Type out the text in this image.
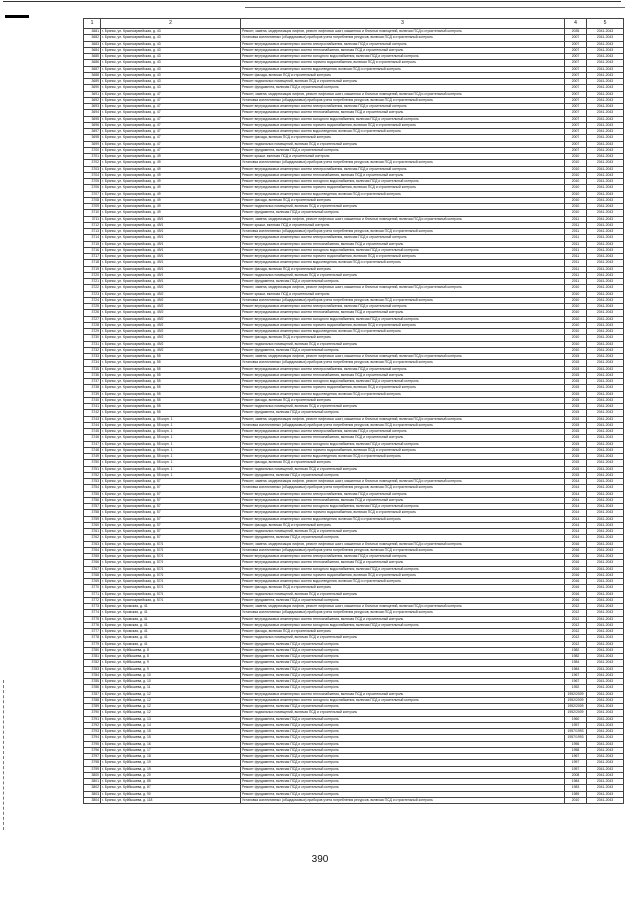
1	2	3	4	5
3681	г. Брянск, ул. Красноармейская, д. 43	Ремонт, замена, модернизация лифтов, ремонт лифтовых шахт, машинных и блочных помещений, включая ПСД и строительный контроль	2035	2041-2043
3682	г. Брянск, ул. Красноармейская, д. 43	Установка коллективных (общедомовых) приборов учета потребления ресурсов, включая ПСД и строительный контроль	2007	2041-2043
3683	г. Брянск, ул. Красноармейская, д. 43	Ремонт внутридомовых инженерных систем электроснабжения, включая ПСД и строительный контроль	2007	2041-2043
3684	г. Брянск, ул. Красноармейская, д. 43	Ремонт внутридомовых инженерных систем теплоснабжения, включая ПСД и строительный контроль	2007	2041-2043
3685	г. Брянск, ул. Красноармейская, д. 43	Ремонт внутридомовых инженерных систем холодного водоснабжения, включая ПСД и строительный контроль	2007	2041-2043
3686	г. Брянск, ул. Красноармейская, д. 43	Ремонт внутридомовых инженерных систем горячего водоснабжения, включая ПСД и строительный контроль	2007	2041-2043
3687	г. Брянск, ул. Красноармейская, д. 43	Ремонт внутридомовых инженерных систем водоотведения, включая ПСД и строительный контроль	2007	2041-2043
3688	г. Брянск, ул. Красноармейская, д. 43	Ремонт фасада, включая ПСД и строительный контроль	2007	2041-2043
3689	г. Брянск, ул. Красноармейская, д. 43	Ремонт подвальных помещений, включая ПСД и строительный контроль	2007	2041-2043
3690	г. Брянск, ул. Красноармейская, д. 43	Ремонт фундамента, включая ПСД и строительный контроль	2007	2041-2043
3691	г. Брянск, ул. Красноармейская, д. 47	Ремонт, замена, модернизация лифтов, ремонт лифтовых шахт, машинных и блочных помещений, включая ПСД и строительный контроль	2007	2041-2043
3692	г. Брянск, ул. Красноармейская, д. 47	Установка коллективных (общедомовых) приборов учета потребления ресурсов, включая ПСД и строительный контроль	2007	2041-2043
3693	г. Брянск, ул. Красноармейская, д. 47	Ремонт внутридомовых инженерных систем электроснабжения, включая ПСД и строительный контроль	2007	2041-2043
3694	г. Брянск, ул. Красноармейская, д. 47	Ремонт внутридомовых инженерных систем теплоснабжения, включая ПСД и строительный контроль	2007	2041-2043
3695	г. Брянск, ул. Красноармейская, д. 47	Ремонт внутридомовых инженерных систем холодного водоснабжения, включая ПСД и строительный контроль	2007	2041-2043
3696	г. Брянск, ул. Красноармейская, д. 47	Ремонт внутридомовых инженерных систем горячего водоснабжения, включая ПСД и строительный контроль	2007	2041-2043
3697	г. Брянск, ул. Красноармейская, д. 47	Ремонт внутридомовых инженерных систем водоотведения, включая ПСД и строительный контроль	2007	2041-2043
3698	г. Брянск, ул. Красноармейская, д. 47	Ремонт фасада, включая ПСД и строительный контроль	2007	2041-2043
3699	г. Брянск, ул. Красноармейская, д. 47	Ремонт подвальных помещений, включая ПСД и строительный контроль	2007	2041-2043
3700	г. Брянск, ул. Красноармейская, д. 47	Ремонт фундамента, включая ПСД и строительный контроль	2007	2041-2043
3701	г. Брянск, ул. Красноармейская, д. 49	Ремонт крыши, включая ПСД и строительный контроль	2010	2041-2043
3702	г. Брянск, ул. Красноармейская, д. 49	Установка коллективных (общедомовых) приборов учета потребления ресурсов, включая ПСД и строительный контроль	2010	2041-2043
3703	г. Брянск, ул. Красноармейская, д. 49	Ремонт внутридомовых инженерных систем электроснабжения, включая ПСД и строительный контроль	2010	2041-2043
3704	г. Брянск, ул. Красноармейская, д. 49	Ремонт внутридомовых инженерных систем теплоснабжения, включая ПСД и строительный контроль	2010	2041-2043
3705	г. Брянск, ул. Красноармейская, д. 49	Ремонт внутридомовых инженерных систем холодного водоснабжения, включая ПСД и строительный контроль	2010	2041-2043
3706	г. Брянск, ул. Красноармейская, д. 49	Ремонт внутридомовых инженерных систем горячего водоснабжения, включая ПСД и строительный контроль	2010	2041-2043
3707	г. Брянск, ул. Красноармейская, д. 49	Ремонт внутридомовых инженерных систем водоотведения, включая ПСД и строительный контроль	2010	2041-2043
3708	г. Брянск, ул. Красноармейская, д. 49	Ремонт фасада, включая ПСД и строительный контроль	2010	2041-2043
3709	г. Брянск, ул. Красноармейская, д. 49	Ремонт подвальных помещений, включая ПСД и строительный контроль	2010	2041-2043
3710	г. Брянск, ул. Красноармейская, д. 49	Ремонт фундамента, включая ПСД и строительный контроль	2010	2041-2043
3711	г. Брянск, ул. Красноармейская, д. 49/1	Ремонт, замена, модернизация лифтов, ремонт лифтовых шахт, машинных и блочных помещений, включая ПСД и строительный контроль	2011	2041-2043
3712	г. Брянск, ул. Красноармейская, д. 49/1	Ремонт крыши, включая ПСД и строительный контроль	2011	2041-2043
3713	г. Брянск, ул. Красноармейская, д. 49/1	Установка коллективных (общедомовых) приборов учета потребления ресурсов, включая ПСД и строительный контроль	2011	2041-2043
3714	г. Брянск, ул. Красноармейская, д. 49/1	Ремонт внутридомовых инженерных систем электроснабжения, включая ПСД и строительный контроль	2011	2041-2043
3715	г. Брянск, ул. Красноармейская, д. 49/1	Ремонт внутридомовых инженерных систем теплоснабжения, включая ПСД и строительный контроль	2011	2041-2043
3716	г. Брянск, ул. Красноармейская, д. 49/1	Ремонт внутридомовых инженерных систем холодного водоснабжения, включая ПСД и строительный контроль	2011	2041-2043
3717	г. Брянск, ул. Красноармейская, д. 49/1	Ремонт внутридомовых инженерных систем горячего водоснабжения, включая ПСД и строительный контроль	2011	2041-2043
3718	г. Брянск, ул. Красноармейская, д. 49/1	Ремонт внутридомовых инженерных систем водоотведения, включая ПСД и строительный контроль	2011	2041-2043
3719	г. Брянск, ул. Красноармейская, д. 49/1	Ремонт фасада, включая ПСД и строительный контроль	2011	2041-2043
3720	г. Брянск, ул. Красноармейская, д. 49/1	Ремонт подвальных помещений, включая ПСД и строительный контроль	2011	2041-2043
3721	г. Брянск, ул. Красноармейская, д. 49/1	Ремонт фундамента, включая ПСД и строительный контроль	2011	2041-2043
3722	г. Брянск, ул. Красноармейская, д. 49/2	Ремонт, замена, модернизация лифтов, ремонт лифтовых шахт, машинных и блочных помещений, включая ПСД и строительный контроль	2010	2041-2043
3723	г. Брянск, ул. Красноармейская, д. 49/2	Ремонт крыши, включая ПСД и строительный контроль	2010	2041-2043
3724	г. Брянск, ул. Красноармейская, д. 49/2	Установка коллективных (общедомовых) приборов учета потребления ресурсов, включая ПСД и строительный контроль	2010	2041-2043
3725	г. Брянск, ул. Красноармейская, д. 49/2	Ремонт внутридомовых инженерных систем электроснабжения, включая ПСД и строительный контроль	2010	2041-2043
3726	г. Брянск, ул. Красноармейская, д. 49/2	Ремонт внутридомовых инженерных систем теплоснабжения, включая ПСД и строительный контроль	2010	2041-2043
3727	г. Брянск, ул. Красноармейская, д. 49/2	Ремонт внутридомовых инженерных систем холодного водоснабжения, включая ПСД и строительный контроль	2010	2041-2043
3728	г. Брянск, ул. Красноармейская, д. 49/2	Ремонт внутридомовых инженерных систем горячего водоснабжения, включая ПСД и строительный контроль	2010	2041-2043
3729	г. Брянск, ул. Красноармейская, д. 49/2	Ремонт внутридомовых инженерных систем водоотведения, включая ПСД и строительный контроль	2010	2041-2043
3730	г. Брянск, ул. Красноармейская, д. 49/2	Ремонт фасада, включая ПСД и строительный контроль	2010	2041-2043
3731	г. Брянск, ул. Красноармейская, д. 49/2	Ремонт подвальных помещений, включая ПСД и строительный контроль	2010	2041-2043
3732	г. Брянск, ул. Красноармейская, д. 49/2	Ремонт фундамента, включая ПСД и строительный контроль	2010	2041-2043
3733	г. Брянск, ул. Красноармейская, д. 55	Ремонт, замена, модернизация лифтов, ремонт лифтовых шахт, машинных и блочных помещений, включая ПСД и строительный контроль	2015	2041-2043
3734	г. Брянск, ул. Красноармейская, д. 55	Установка коллективных (общедомовых) приборов учета потребления ресурсов, включая ПСД и строительный контроль	2015	2041-2043
3735	г. Брянск, ул. Красноармейская, д. 55	Ремонт внутридомовых инженерных систем электроснабжения, включая ПСД и строительный контроль	2015	2041-2043
3736	г. Брянск, ул. Красноармейская, д. 55	Ремонт внутридомовых инженерных систем теплоснабжения, включая ПСД и строительный контроль	2015	2041-2043
3737	г. Брянск, ул. Красноармейская, д. 55	Ремонт внутридомовых инженерных систем холодного водоснабжения, включая ПСД и строительный контроль	2015	2041-2043
3738	г. Брянск, ул. Красноармейская, д. 55	Ремонт внутридомовых инженерных систем горячего водоснабжения, включая ПСД и строительный контроль	2015	2041-2043
3739	г. Брянск, ул. Красноармейская, д. 55	Ремонт внутридомовых инженерных систем водоотведения, включая ПСД и строительный контроль	2015	2041-2043
3740	г. Брянск, ул. Красноармейская, д. 55	Ремонт фасада, включая ПСД и строительный контроль	2015	2041-2043
3741	г. Брянск, ул. Красноармейская, д. 55	Ремонт подвальных помещений, включая ПСД и строительный контроль	2015	2041-2043
3742	г. Брянск, ул. Красноармейская, д. 55	Ремонт фундамента, включая ПСД и строительный контроль	2015	2041-2043
3743	г. Брянск, ул. Красноармейская, д. 55 корп. 1	Ремонт, замена, модернизация лифтов, ремонт лифтовых шахт, машинных и блочных помещений, включая ПСД и строительный контроль	2015	2041-2043
3744	г. Брянск, ул. Красноармейская, д. 55 корп. 1	Установка коллективных (общедомовых) приборов учета потребления ресурсов, включая ПСД и строительный контроль	2015	2041-2043
3745	г. Брянск, ул. Красноармейская, д. 55 корп. 1	Ремонт внутридомовых инженерных систем электроснабжения, включая ПСД и строительный контроль	2015	2041-2043
3746	г. Брянск, ул. Красноармейская, д. 55 корп. 1	Ремонт внутридомовых инженерных систем теплоснабжения, включая ПСД и строительный контроль	2015	2041-2043
3747	г. Брянск, ул. Красноармейская, д. 55 корп. 1	Ремонт внутридомовых инженерных систем холодного водоснабжения, включая ПСД и строительный контроль	2015	2041-2043
3748	г. Брянск, ул. Красноармейская, д. 55 корп. 1	Ремонт внутридомовых инженерных систем горячего водоснабжения, включая ПСД и строительный контроль	2015	2041-2043
3749	г. Брянск, ул. Красноармейская, д. 55 корп. 1	Ремонт внутридомовых инженерных систем водоотведения, включая ПСД и строительный контроль	2015	2041-2043
3750	г. Брянск, ул. Красноармейская, д. 55 корп. 1	Ремонт фасада, включая ПСД и строительный контроль	2015	2041-2043
3751	г. Брянск, ул. Красноармейская, д. 55 корп. 1	Ремонт подвальных помещений, включая ПСД и строительный контроль	2015	2041-2043
3752	г. Брянск, ул. Красноармейская, д. 55 корп. 1	Ремонт фундамента, включая ПСД и строительный контроль	2015	2041-2043
3753	г. Брянск, ул. Красноармейская, д. 57	Ремонт, замена, модернизация лифтов, ремонт лифтовых шахт, машинных и блочных помещений, включая ПСД и строительный контроль	2014	2041-2043
3754	г. Брянск, ул. Красноармейская, д. 57	Установка коллективных (общедомовых) приборов учета потребления ресурсов, включая ПСД и строительный контроль	2014	2041-2043
3755	г. Брянск, ул. Красноармейская, д. 57	Ремонт внутридомовых инженерных систем электроснабжения, включая ПСД и строительный контроль	2014	2041-2043
3756	г. Брянск, ул. Красноармейская, д. 57	Ремонт внутридомовых инженерных систем теплоснабжения, включая ПСД и строительный контроль	2014	2041-2043
3757	г. Брянск, ул. Красноармейская, д. 57	Ремонт внутридомовых инженерных систем холодного водоснабжения, включая ПСД и строительный контроль	2014	2041-2043
3758	г. Брянск, ул. Красноармейская, д. 57	Ремонт внутридомовых инженерных систем горячего водоснабжения, включая ПСД и строительный контроль	2014	2041-2043
3759	г. Брянск, ул. Красноармейская, д. 57	Ремонт внутридомовых инженерных систем водоотведения, включая ПСД и строительный контроль	2014	2041-2043
3760	г. Брянск, ул. Красноармейская, д. 57	Ремонт фасада, включая ПСД и строительный контроль	2014	2041-2043
3761	г. Брянск, ул. Красноармейская, д. 57	Ремонт подвальных помещений, включая ПСД и строительный контроль	2014	2041-2043
3762	г. Брянск, ул. Красноармейская, д. 57	Ремонт фундамента, включая ПСД и строительный контроль	2014	2041-2043
3763	г. Брянск, ул. Красноармейская, д. 57/1	Ремонт, замена, модернизация лифтов, ремонт лифтовых шахт, машинных и блочных помещений, включая ПСД и строительный контроль	2016	2041-2043
3764	г. Брянск, ул. Красноармейская, д. 57/1	Установка коллективных (общедомовых) приборов учета потребления ресурсов, включая ПСД и строительный контроль	2016	2041-2043
3765	г. Брянск, ул. Красноармейская, д. 57/1	Ремонт внутридомовых инженерных систем электроснабжения, включая ПСД и строительный контроль	2016	2041-2043
3766	г. Брянск, ул. Красноармейская, д. 57/1	Ремонт внутридомовых инженерных систем теплоснабжения, включая ПСД и строительный контроль	2016	2041-2043
3767	г. Брянск, ул. Красноармейская, д. 57/1	Ремонт внутридомовых инженерных систем холодного водоснабжения, включая ПСД и строительный контроль	2016	2041-2043
3768	г. Брянск, ул. Красноармейская, д. 57/1	Ремонт внутридомовых инженерных систем горячего водоснабжения, включая ПСД и строительный контроль	2016	2041-2043
3769	г. Брянск, ул. Красноармейская, д. 57/1	Ремонт внутридомовых инженерных систем водоотведения, включая ПСД и строительный контроль	2016	2041-2043
3770	г. Брянск, ул. Красноармейская, д. 57/1	Ремонт фасада, включая ПСД и строительный контроль	2016	2041-2043
3771	г. Брянск, ул. Красноармейская, д. 57/1	Ремонт подвальных помещений, включая ПСД и строительный контроль	2016	2041-2043
3772	г. Брянск, ул. Красноармейская, д. 57/1	Ремонт фундамента, включая ПСД и строительный контроль	2016	2041-2043
3773	г. Брянск, ул. Кромская, д. 41	Ремонт, замена, модернизация лифтов, ремонт лифтовых шахт, машинных и блочных помещений, включая ПСД и строительный контроль	2012	2041-2043
3774	г. Брянск, ул. Кромская, д. 41	Установка коллективных (общедомовых) приборов учета потребления ресурсов, включая ПСД и строительный контроль	2012	2041-2043
3775	г. Брянск, ул. Кромская, д. 41	Ремонт внутридомовых инженерных систем теплоснабжения, включая ПСД и строительный контроль	2012	2041-2043
3776	г. Брянск, ул. Кромская, д. 41	Ремонт внутридомовых инженерных систем холодного водоснабжения, включая ПСД и строительный контроль	2012	2041-2043
3777	г. Брянск, ул. Кромская, д. 41	Ремонт фасада, включая ПСД и строительный контроль	2012	2041-2043
3778	г. Брянск, ул. Кромская, д. 41	Ремонт подвальных помещений, включая ПСД и строительный контроль	2012	2041-2043
3779	г. Брянск, ул. Кромская, д. 41	Ремонт фундамента, включая ПСД и строительный контроль	2012	2041-2043
3780	г. Брянск, ул. Куйбышева, д. 8	Ремонт фундамента, включая ПСД и строительный контроль	1982	2041-2043
3781	г. Брянск, ул. Куйбышева, д. 8	Ремонт фундамента, включая ПСД и строительный контроль	1982	2041-2043
3782	г. Брянск, ул. Куйбышева, д. 9	Ремонт фундамента, включая ПСД и строительный контроль	1984	2041-2043
3783	г. Брянск, ул. Куйбышева, д. 9	Ремонт фундамента, включая ПСД и строительный контроль	1984	2041-2043
3784	г. Брянск, ул. Куйбышева, д. 10	Ремонт фундамента, включая ПСД и строительный контроль	1967	2041-2043
3785	г. Брянск, ул. Куйбышева, д. 10	Ремонт фундамента, включая ПСД и строительный контроль	1967	2041-2043
3786	г. Брянск, ул. Куйбышева, д. 11	Ремонт фундамента, включая ПСД и строительный контроль	1952	2041-2043
3787	г. Брянск, ул. Куйбышева, д. 12	Ремонт внутридомовых инженерных систем теплоснабжения, включая ПСД и строительный контроль	1952/2009	2041-2043
3788	г. Брянск, ул. Куйбышева, д. 12	Ремонт внутридомовых инженерных систем холодного водоснабжения, включая ПСД и строительный контроль	1952/2009	2041-2043
3789	г. Брянск, ул. Куйбышева, д. 12	Ремонт фундамента, включая ПСД и строительный контроль	1952/2009	2041-2043
3790	г. Брянск, ул. Куйбышева, д. 12	Ремонт подвальных помещений, включая ПСД и строительный контроль	1952/2009	2041-2043
3791	г. Брянск, ул. Куйбышева, д. 13	Ремонт фундамента, включая ПСД и строительный контроль	1960	2041-2043
3792	г. Брянск, ул. Куйбышева, д. 14	Ремонт фундамента, включая ПСД и строительный контроль	1957	2041-2043
3793	г. Брянск, ул. Куйбышева, д. 15	Ремонт фундамента, включая ПСД и строительный контроль	1957/1993	2041-2043
3794	г. Брянск, ул. Куйбышева, д. 15	Ремонт фундамента, включая ПСД и строительный контроль	1957/1993	2041-2043
3795	г. Брянск, ул. Куйбышева, д. 16	Ремонт фундамента, включая ПСД и строительный контроль	1956	2041-2043
3796	г. Брянск, ул. Куйбышева, д. 17	Ремонт фундамента, включая ПСД и строительный контроль	1958	2041-2043
3797	г. Брянск, ул. Куйбышева, д. 18	Ремонт фундамента, включая ПСД и строительный контроль	1967	2041-2043
3798	г. Брянск, ул. Куйбышева, д. 19	Ремонт фундамента, включая ПСД и строительный контроль	1957	2041-2043
3799	г. Брянск, ул. Куйбышева, д. 19	Ремонт фундамента, включая ПСД и строительный контроль	1957	2041-2043
3800	г. Брянск, ул. Куйбышева, д. 20	Ремонт фундамента, включая ПСД и строительный контроль	2008	2041-2043
3801	г. Брянск, ул. Куйбышева, д. 85	Ремонт фундамента, включая ПСД и строительный контроль	1984	2041-2043
3802	г. Брянск, ул. Куйбышева, д. 87	Ремонт фундамента, включая ПСД и строительный контроль	1983	2041-2043
3803	г. Брянск, ул. Куйбышева, д. 90	Ремонт фундамента, включая ПСД и строительный контроль	1989	2041-2043
3804	г. Брянск, ул. Куйбышева, д. 118	Установка коллективных (общедомовых) приборов учета потребления ресурсов, включая ПСД и строительный контроль	2010	2041-2043
390
